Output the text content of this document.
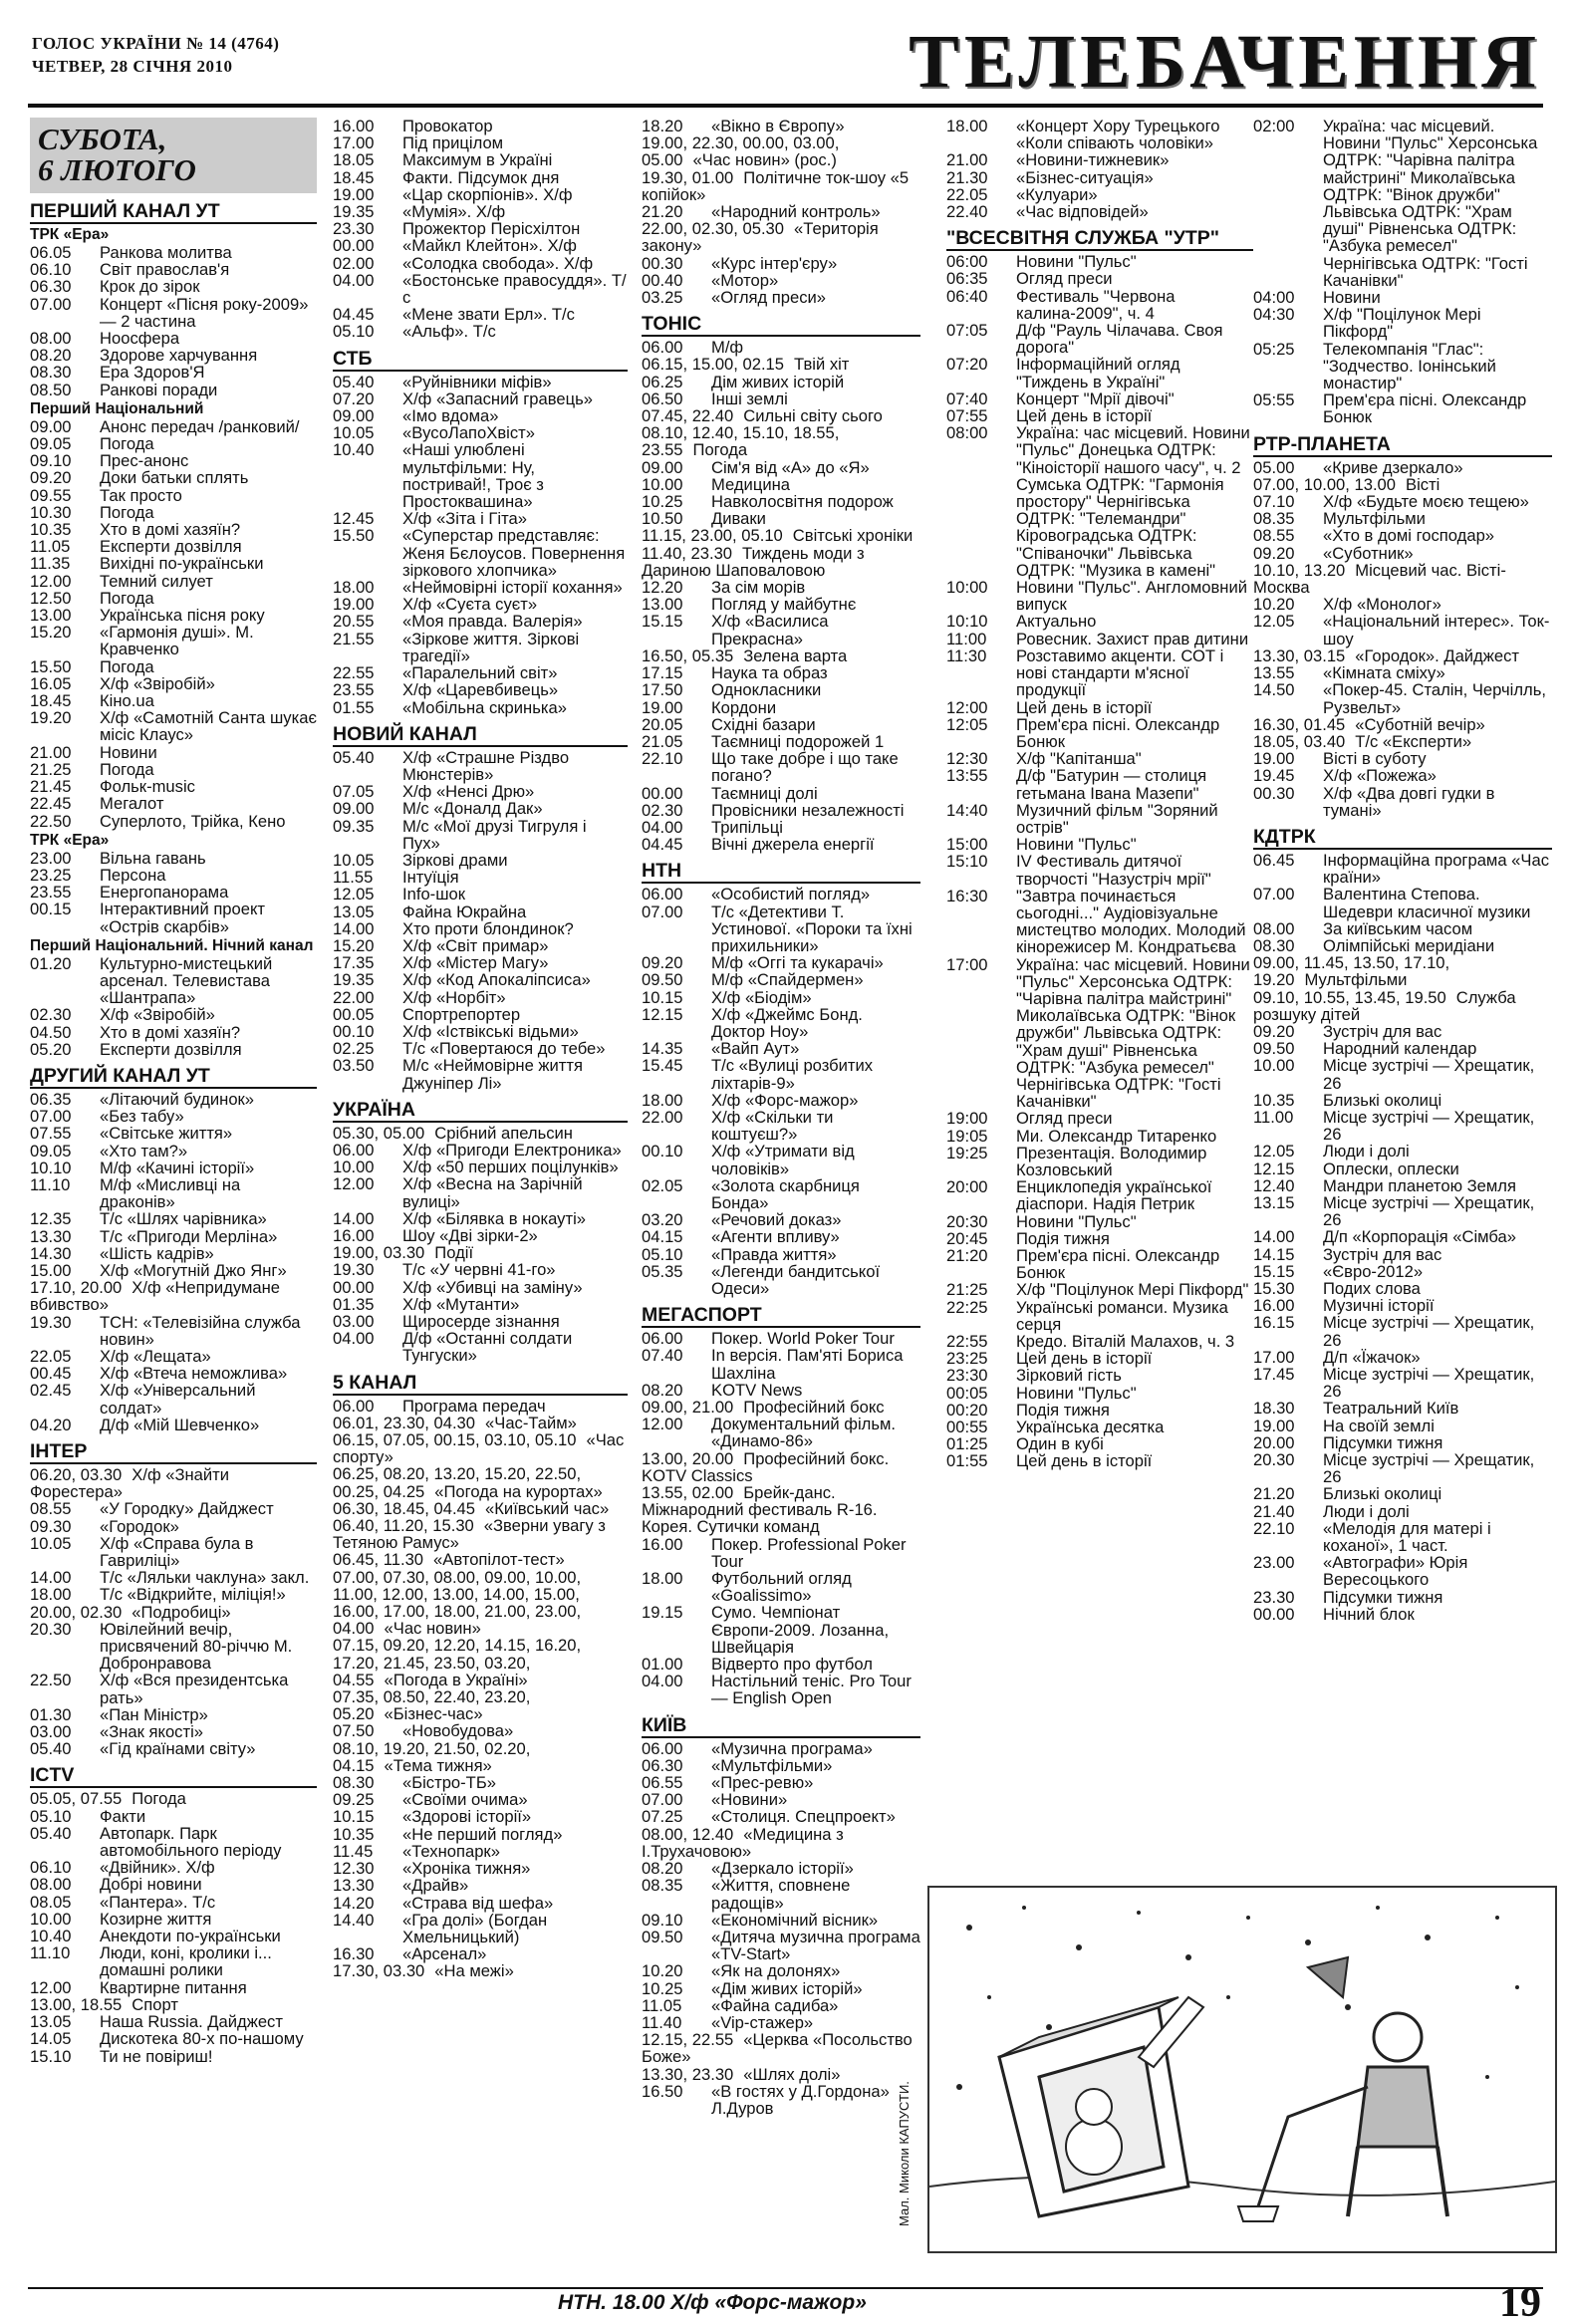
ГОЛОС УКРАЇНИ № 14 (4764)
ЧЕТВЕР, 28 СІЧНЯ 2010	ТЕЛЕБАЧЕННЯ
СУБОТА,
6 ЛЮТОГО
ПЕРШИЙ КАНАЛ УТ
ТРК «Ера»
06.05	Ранкова молитва
06.10	Світ православ'я
06.30	Крок до зірок
07.00	Концерт «Пісня року-2009» — 2 частина
08.00	Ноосфера
08.20	Здорове харчування
08.30	Ера Здоров'Я
08.50	Ранкові поради
Перший Національний
09.00	Анонс передач /ранковий/
09.05	Погода
09.10	Прес-анонс
09.20	Доки батьки сплять
09.55	Так просто
10.30	Погода
10.35	Хто в домі хазяїн?
11.05	Експерти дозвілля
11.35	Вихідні по-українськи
12.00	Темний силует
12.50	Погода
13.00	Українська пісня року
15.20	«Гармонія душі». М. Кравченко
15.50	Погода
16.05	Х/ф «Звіробій»
18.45	Кіно.ua
19.20	Х/ф «Самотній Санта шукає місіс Клаус»
21.00	Новини
21.25	Погода
21.45	Фольк-music
22.45	Мегалот
22.50	Суперлото, Трійка, Кено
ТРК «Ера»
23.00	Вільна гавань
23.25	Персона
23.55	Енергопанорама
00.15	Інтерактивний проект «Острів скарбів»
Перший Національний. Нічний канал
01.20	Культурно-мистецький арсенал. Телевистава «Шантрапа»
02.30	Х/ф «Звіробій»
04.50	Хто в домі хазяїн?
05.20	Експерти дозвілля
ДРУГИЙ КАНАЛ УТ
06.35	«Літаючий будинок»
07.00	«Без табу»
07.55	«Світське життя»
09.05	«Хто там?»
10.10	М/ф «Качині історії»
11.10	М/ф «Мисливці на драконів»
12.35	Т/с «Шлях чарівника»
13.30	Т/с «Пригоди Мерліна»
14.30	«Шість кадрів»
15.00	Х/ф «Могутній Джо Янг»
17.10, 20.00 Х/ф «Непридумане вбивство»
19.30	ТСН: «Телевізійна служба новин»
22.05	Х/ф «Лещата»
00.45	Х/ф «Втеча неможлива»
02.45	Х/ф «Універсальний солдат»
04.20	Д/ф «Мій Шевченко»
ІНТЕР
06.20, 03.30 Х/ф «Знайти Форестера»
08.55	«У Городку» Дайджест
09.30	«Городок»
10.05	Х/ф «Справа була в Гавриліці»
14.00	Т/с «Ляльки чаклуна» закл.
18.00	Т/с «Відкрийте, міліція!»
20.00, 02.30 «Подробиці»
20.30	Ювілейний вечір, присвячений 80-річчю М. Добронравова
22.50	Х/ф «Вся президентська рать»
01.30	«Пан Міністр»
03.00	«Знак якості»
05.40	«Гід країнами світу»
ICTV
05.05, 07.55 Погода
05.10	Факти
05.40	Автопарк. Парк автомобільного періоду
06.10	«Двійник». Х/ф
08.00	Добрі новини
08.05	«Пантера». Т/с
10.00	Козирне життя
10.40	Анекдоти по-українськи
11.10	Люди, коні, кролики і... домашні ролики
12.00	Квартирне питання
13.00, 18.55 Спорт
13.05	Наша Russia. Дайджест
14.05	Дискотека 80-х по-нашому
15.10	Ти не повіриш!
16.00	Провокатор
17.00	Під прицілом
18.05	Максимум в Україні
18.45	Факти. Підсумок дня
19.00	«Цар скорпіонів». Х/ф
19.35	«Мумія». Х/ф
23.30	Прожектор Перісхілтон
00.00	«Майкл Клейтон». Х/ф
02.00	«Солодка свобода». Х/ф
04.00	«Бостонське правосуддя». Т/с
04.45	«Мене звати Ерл». Т/с
05.10	«Альф». Т/с
СТБ
05.40	«Руйнівники міфів»
07.20	Х/ф «Запасний гравець»
09.00	«Імо вдома»
10.05	«ВусоЛапоХвіст»
10.40	«Наші улюблені мультфільми: Ну, постривай!, Троє з Простоквашина»
12.45	Х/ф «Зіта і Гіта»
15.50	«Суперстар представляє: Женя Бєлоусов. Повернення зіркового хлопчика»
18.00	«Неймовірні історії кохання»
19.00	Х/ф «Суєта суєт»
20.55	«Моя правда. Валерія»
21.55	«Зіркове життя. Зіркові трагедії»
22.55	«Паралельний світ»
23.55	Х/ф «Царевбивець»
01.55	«Мобільна скринька»
НОВИЙ КАНАЛ
05.40	Х/ф «Страшне Різдво Мюнстерів»
07.05	Х/ф «Ненсі Дрю»
09.00	М/с «Доналд Дак»
09.35	М/с «Мої друзі Тигруля і Пух»
10.05	Зіркові драми
11.55	Інтуїція
12.05	Info-шок
13.05	Файна Юкрайна
14.00	Хто проти блондинок?
15.20	Х/ф «Світ примар»
17.35	Х/ф «Містер Магу»
19.35	Х/ф «Код Апокаліпсиса»
22.00	Х/ф «Норбіт»
00.05	Спортрепортер
00.10	Х/ф «Іствікські відьми»
02.25	Т/с «Повертаюся до тебе»
03.50	М/с «Неймовірне життя Джуніпер Лі»
УКРАЇНА
05.30, 05.00 Срібний апельсин
06.00	Х/ф «Пригоди Електроника»
10.00	Х/ф «50 перших поцілунків»
12.00	Х/ф «Весна на Зарічній вулиці»
14.00	Х/ф «Білявка в нокауті»
16.00	Шоу «Дві зірки-2»
19.00, 03.30 Події
19.30	Т/с «У червні 41-го»
00.00	Х/ф «Убивці на заміну»
01.35	Х/ф «Мутанти»
03.00	Щиросерде зізнання
04.00	Д/ф «Останні солдати Тунгуски»
5 КАНАЛ
06.00	Програма передач
06.01, 23.30, 04.30 «Час-Тайм»
06.15, 07.05, 00.15, 03.10, 05.10 «Час спорту»
06.25, 08.20, 13.20, 15.20, 22.50, 00.25, 04.25 «Погода на курортах»
06.30, 18.45, 04.45 «Київський час»
06.40, 11.20, 15.30 «Зверни увагу з Тетяною Рамус»
06.45, 11.30 «Автопілот-тест»
07.00, 07.30, 08.00, 09.00, 10.00, 11.00, 12.00, 13.00, 14.00, 15.00, 16.00, 17.00, 18.00, 21.00, 23.00, 04.00 «Час новин»
07.15, 09.20, 12.20, 14.15, 16.20, 17.20, 21.45, 23.50, 03.20, 04.55 «Погода в Україні»
07.35, 08.50, 22.40, 23.20, 05.20 «Бізнес-час»
07.50	«Новобудова»
08.10, 19.20, 21.50, 02.20, 04.15 «Тема тижня»
08.30	«Бістро-ТБ»
09.25	«Своїми очима»
10.15	«Здорові історії»
10.35	«Не перший погляд»
11.45	«Технопарк»
12.30	«Хроніка тижня»
13.30	«Драйв»
14.20	«Страва від шефа»
14.40	«Гра долі» (Богдан Хмельницький)
16.30	«Арсенал»
17.30, 03.30 «На межі»
18.20	«Вікно в Європу»
19.00, 22.30, 00.00, 03.00, 05.00 «Час новин» (рос.)
19.30, 01.00 Політичне ток-шоу «5 копійок»
21.20	«Народний контроль»
22.00, 02.30, 05.30 «Територія закону»
00.30	«Курс інтер'єру»
00.40	«Мотор»
03.25	«Огляд преси»
ТОНІС
06.00	М/ф
06.15, 15.00, 02.15 Твій хіт
06.25	Дім живих історій
06.50	Інші землі
07.45, 22.40 Сильні світу сього
08.10, 12.40, 15.10, 18.55, 23.55 Погода
09.00	Сім'я від «А» до «Я»
10.00	Медицина
10.25	Навколосвітня подорож
10.50	Диваки
11.15, 23.00, 05.10 Світські хроніки
11.40, 23.30 Тиждень моди з Дариною Шаповаловою
12.20	За сім морів
13.00	Погляд у майбутнє
15.15	Х/ф «Василиса Прекрасна»
16.50, 05.35 Зелена варта
17.15	Наука та образ
17.50	Однокласники
19.00	Кордони
20.05	Східні базари
21.05	Таємниці подорожей 1
22.10	Що таке добре і що таке погано?
00.00	Таємниці долі
02.30	Провісники незалежності
04.00	Трипільці
04.45	Вічні джерела енергії
НТН
06.00	«Особистий погляд»
07.00	Т/с «Детективи Т. Устинової. «Пороки та їхні прихильники»
09.20	М/ф «Оггі та кукарачі»
09.50	М/ф «Спайдермен»
10.15	Х/ф «Біодім»
12.15	Х/ф «Джеймс Бонд. Доктор Ноу»
14.35	«Вайп Аут»
15.45	Т/с «Вулиці розбитих ліхтарів-9»
18.00	Х/ф «Форс-мажор»
22.00	Х/ф «Скільки ти коштуєш?»
00.10	Х/ф «Утримати від чоловіків»
02.05	«Золота скарбниця Бонда»
03.20	«Речовий доказ»
04.15	«Агенти впливу»
05.10	«Правда життя»
05.35	«Легенди бандитської Одеси»
МЕГАСПОРТ
06.00	Покер. World Poker Tour
07.40	In версія. Пам'яті Бориса Шахліна
08.20	KOTV News
09.00, 21.00 Професійний бокс
12.00	Документальний фільм. «Динамо-86»
13.00, 20.00 Професійний бокс. KOTV Classics
13.55, 02.00 Брейк-данс. Міжнародний фестиваль R-16. Корея. Сутички команд
16.00	Покер. Professional Poker Tour
18.00	Футбольний огляд «Goalissimo»
19.15	Сумо. Чемпіонат Європи-2009. Лозанна, Швейцарія
01.00	Відверто про футбол
04.00	Настільний теніс. Pro Tour — English Open
КИЇВ
06.00	«Музична програма»
06.30	«Мультфільми»
06.55	«Прес-ревю»
07.00	«Новини»
07.25	«Столиця. Спецпроект»
08.00, 12.40 «Медицина з І.Трухачовою»
08.20	«Дзеркало історії»
08.35	«Життя, сповнене радощів»
09.10	«Економічний вісник»
09.50	«Дитяча музична програма «TV-Start»
10.20	«Як на долонях»
10.25	«Дім живих історій»
11.05	«Файна садиба»
11.40	«Vip-стажер»
12.15, 22.55 «Церква «Посольство Боже»
13.30, 23.30 «Шлях долі»
16.50	«В гостях у Д.Гордона» Л.Дуров
18.00	«Концерт Хору Турецького «Коли співають чоловіки»
21.00	«Новини-тижневик»
21.30	«Бізнес-ситуація»
22.05	«Кулуари»
22.40	«Час відповідей»
"ВСЕСВІТНЯ СЛУЖБА "УТР"
06:00	Новини "Пульс"
06:35	Огляд преси
06:40	Фестиваль "Червона калина-2009", ч. 4
07:05	Д/ф "Рауль Чілачава. Своя дорога"
07:20	Інформаційний огляд "Тиждень в Україні"
07:40	Концерт "Мрії дівочі"
07:55	Цей день в історії
08:00	Україна: час місцевий. Новини "Пульс" Донецька ОДТРК: "Кіноісторії нашого часу", ч. 2 Сумська ОДТРК: "Гармонія простору" Чернігівська ОДТРК: "Телемандри" Кіровоградська ОДТРК: "Співаночки" Львівська ОДТРК: "Музика в камені"
10:00	Новини "Пульс". Англомовний випуск
10:10	Актуально
11:00	Ровесник. Захист прав дитини
11:30	Розставимо акценти. СОТ і нові стандарти м'ясної продукції
12:00	Цей день в історії
12:05	Прем'єра пісні. Олександр Бонюк
12:30	Х/ф "Капітанша"
13:55	Д/ф "Батурин — столиця гетьмана Івана Мазепи"
14:40	Музичний фільм "Зоряний острів"
15:00	Новини "Пульс"
15:10	IV Фестиваль дитячої творчості "Назустріч мрії"
16:30	"Завтра починається сьогодні..." Аудіовізуальне мистецтво молодих. Молодий кінорежисер М. Кондратьєва
17:00	Україна: час місцевий. Новини "Пульс" Херсонська ОДТРК: "Чарівна палітра майстрині" Миколаївська ОДТРК: "Вінок дружби" Львівська ОДТРК: "Храм душі" Рівненська ОДТРК: "Азбука ремесел" Чернігівська ОДТРК: "Гості Качанівки"
19:00	Огляд преси
19:05	Ми. Олександр Титаренко
19:25	Презентація. Володимир Козловський
20:00	Енциклопедія української діаспори. Надія Петрик
20:30	Новини "Пульс"
20:45	Подія тижня
21:20	Прем'єра пісні. Олександр Бонюк
21:25	Х/ф "Поцілунок Мері Пікфорд"
22:25	Українські романси. Музика серця
22:55	Кредо. Віталій Малахов, ч. 3
23:25	Цей день в історії
23:30	Зірковий гість
00:05	Новини "Пульс"
00:20	Подія тижня
00:55	Українська десятка
01:25	Один в кубі
01:55	Цей день в історії
02:00	Україна: час місцевий. Новини "Пульс" Херсонська ОДТРК: "Чарівна палітра майстрині" Миколаївська ОДТРК: "Вінок дружби" Львівська ОДТРК: "Храм душі" Рівненська ОДТРК: "Азбука ремесел" Чернігівська ОДТРК: "Гості Качанівки"
04:00	Новини
04:30	Х/ф "Поцілунок Мері Пікфорд"
05:25	Телекомпанія "Глас": "Зодчество. Іонінський монастир"
05:55	Прем'єра пісні. Олександр Бонюк
РТР-ПЛАНЕТА
05.00	«Криве дзеркало»
07.00, 10.00, 13.00 Вісті
07.10	Х/ф «Будьте моєю тещею»
08.35	Мультфільми
08.55	«Хто в домі господар»
09.20	«Суботник»
10.10, 13.20 Місцевий час. Вісті-Москва
10.20	Х/ф «Монолог»
12.05	«Національний інтерес». Ток-шоу
13.30, 03.15 «Городок». Дайджест
13.55	«Кімната сміху»
14.50	«Покер-45. Сталін, Черчілль, Рузвельт»
16.30, 01.45 «Суботній вечір»
18.05, 03.40 Т/с «Експерти»
19.00	Вісті в суботу
19.45	Х/ф «Пожежа»
00.30	Х/ф «Два довгі гудки в тумані»
КДТРК
06.45	Інформаційна програма «Час країни»
07.00	Валентина Степова. Шедеври класичної музики
08.00	За київським часом
08.30	Олімпійські меридіани
09.00, 11.45, 13.50, 17.10, 19.20 Мультфільми
09.10, 10.55, 13.45, 19.50 Служба розшуку дітей
09.20	Зустріч для вас
09.50	Народний календар
10.00	Місце зустрічі — Хрещатик, 26
10.35	Близькі околиці
11.00	Місце зустрічі — Хрещатик, 26
12.05	Люди і долі
12.15	Оплески, оплески
12.40	Мандри планетою Земля
13.15	Місце зустрічі — Хрещатик, 26
14.00	Д/п «Корпорація «Сімба»
14.15	Зустріч для вас
15.15	«Євро-2012»
15.30	Подих слова
16.00	Музичні історії
16.15	Місце зустрічі — Хрещатик, 26
17.00	Д/п «Їжачок»
17.45	Місце зустрічі — Хрещатик, 26
18.30	Театральний Київ
19.00	На своїй землі
20.00	Підсумки тижня
20.30	Місце зустрічі — Хрещатик, 26
21.20	Близькі околиці
21.40	Люди і долі
22.10	«Мелодія для матері і коханої», 1 част.
23.00	«Автографи» Юрія Вересоцького
23.30	Підсумки тижня
00.00	Нічний блок
Мал. Миколи КАПУСТИ.
НТН. 18.00 Х/ф «Форс-мажор»	19
